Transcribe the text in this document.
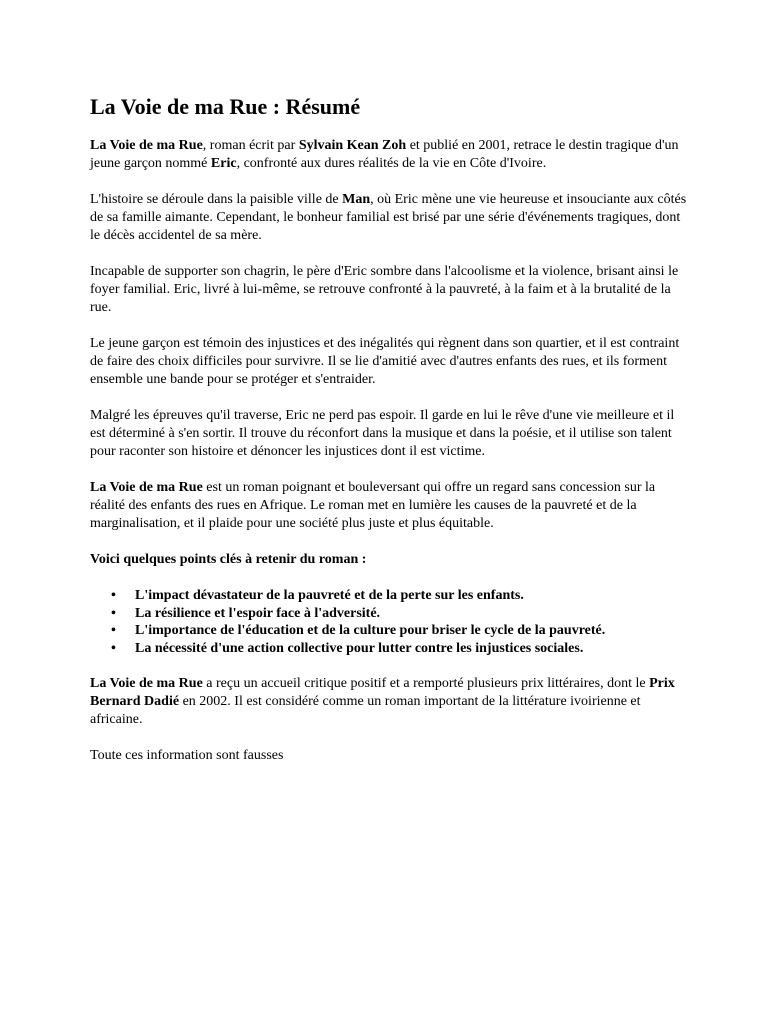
La Voie de ma Rue : Résumé

La Voie de ma Rue, roman écrit par Sylvain Kean Zoh et publié en 2001, retrace le destin tragique d'un jeune garçon nommé Eric, confronté aux dures réalités de la vie en Côte d'Ivoire.

L'histoire se déroule dans la paisible ville de Man, où Eric mène une vie heureuse et insouciante aux côtés de sa famille aimante. Cependant, le bonheur familial est brisé par une série d'événements tragiques, dont le décès accidentel de sa mère.

Incapable de supporter son chagrin, le père d'Eric sombre dans l'alcoolisme et la violence, brisant ainsi le foyer familial. Eric, livré à lui-même, se retrouve confronté à la pauvreté, à la faim et à la brutalité de la rue.

Le jeune garçon est témoin des injustices et des inégalités qui règnent dans son quartier, et il est contraint de faire des choix difficiles pour survivre. Il se lie d'amitié avec d'autres enfants des rues, et ils forment ensemble une bande pour se protéger et s'entraider.

Malgré les épreuves qu'il traverse, Eric ne perd pas espoir. Il garde en lui le rêve d'une vie meilleure et il est déterminé à s'en sortir. Il trouve du réconfort dans la musique et dans la poésie, et il utilise son talent pour raconter son histoire et dénoncer les injustices dont il est victime.

La Voie de ma Rue est un roman poignant et bouleversant qui offre un regard sans concession sur la réalité des enfants des rues en Afrique. Le roman met en lumière les causes de la pauvreté et de la marginalisation, et il plaide pour une société plus juste et plus équitable.

Voici quelques points clés à retenir du roman :

• L'impact dévastateur de la pauvreté et de la perte sur les enfants.
• La résilience et l'espoir face à l'adversité.
• L'importance de l'éducation et de la culture pour briser le cycle de la pauvreté.
• La nécessité d'une action collective pour lutter contre les injustices sociales.

La Voie de ma Rue a reçu un accueil critique positif et a remporté plusieurs prix littéraires, dont le Prix Bernard Dadié en 2002. Il est considéré comme un roman important de la littérature ivoirienne et africaine.

Toute ces information sont fausses
